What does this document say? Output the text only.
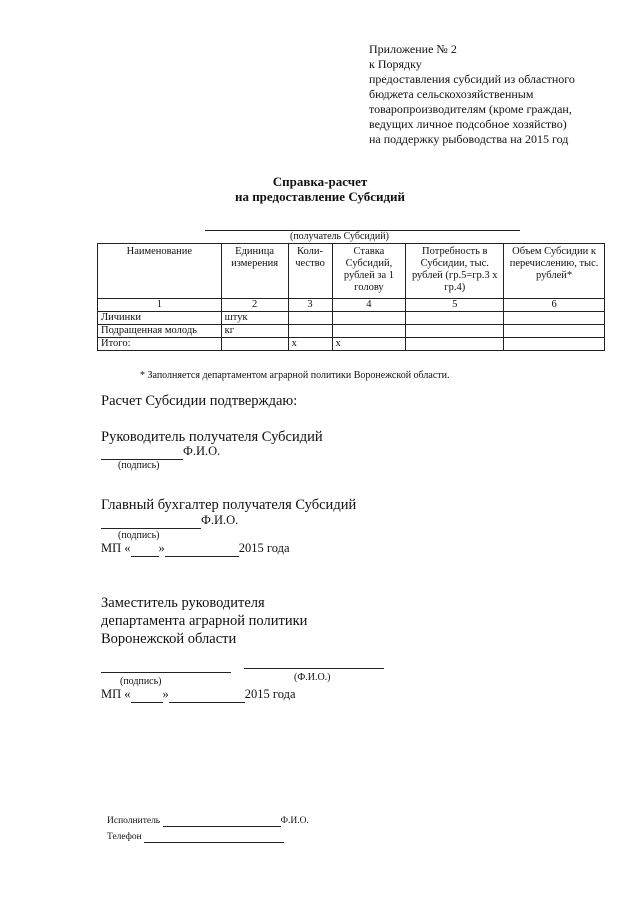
Приложение № 2
к Порядку
предоставления субсидий из областного
бюджета сельскохозяйственным
товаропроизводителям (кроме граждан,
ведущих личное подсобное хозяйство)
на поддержку рыбоводства на 2015 год
Справка-расчет
на предоставление Субсидий
(получатель Субсидий)
Наименование	Единица измерения	Коли-чество	Ставка Субсидий, рублей за 1 голову	Потребность в Субсидии, тыс. рублей (гр.5=гр.3 х гр.4)	Объем Субсидии к перечислению, тыс. рублей*
1	2	3	4	5	6
Личинки	штук				
Подращенная молодь	кг				
Итого:		х	х		
* Заполняется департаментом аграрной политики Воронежской области.
Расчет Субсидии подтверждаю:
Руководитель получателя Субсидий
Ф.И.О.
(подпись)
Главный бухгалтер получателя Субсидий
Ф.И.О.
(подпись)
МП « »	2015 года
Заместитель руководителя
департамента аграрной политики
Воронежской области
(подпись)	(Ф.И.О.)
МП «	»	2015 года
Исполнитель	Ф.И.О.
Телефон
